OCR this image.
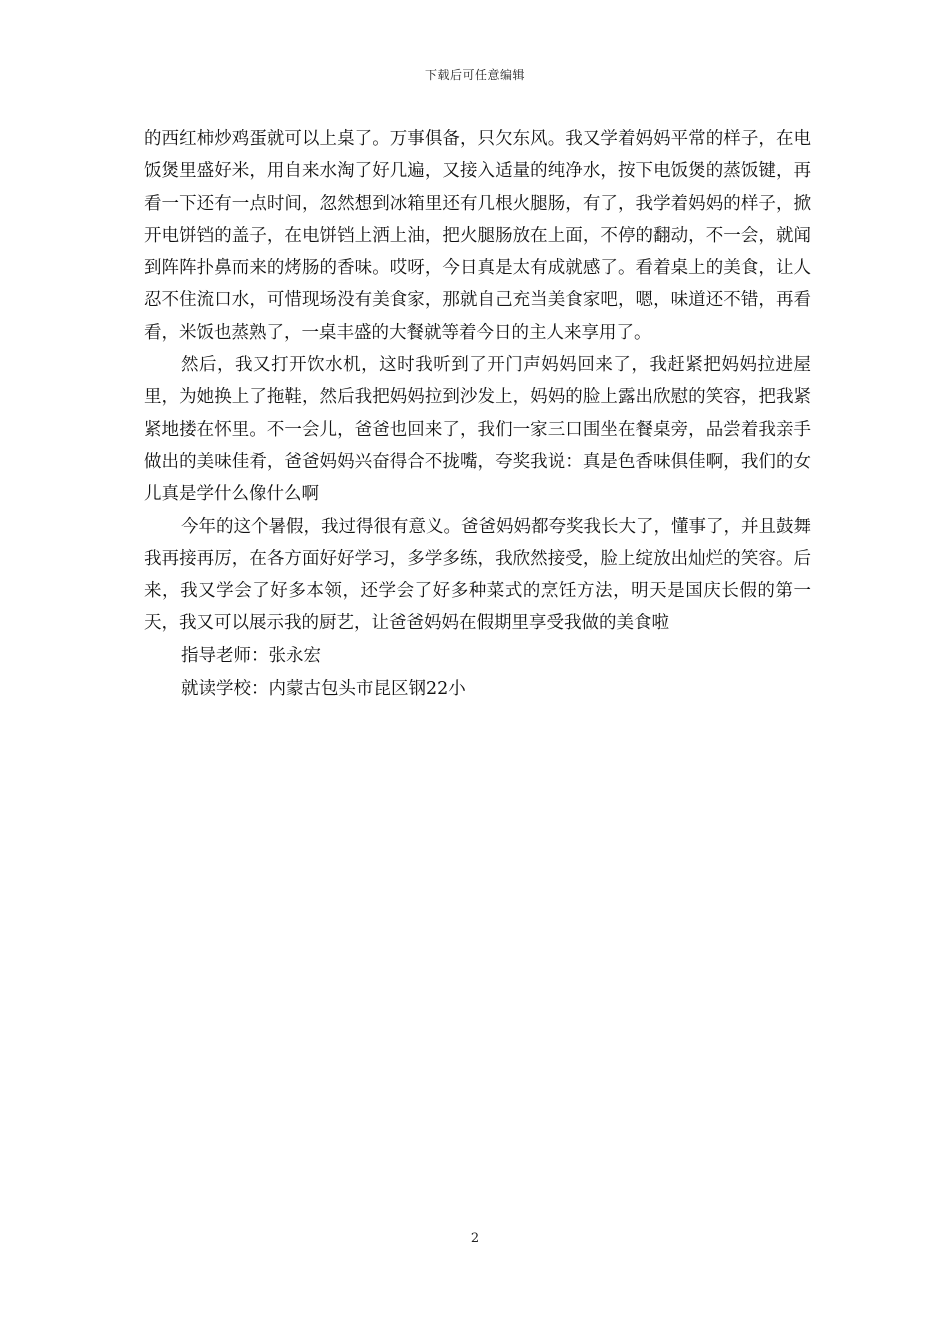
下载后可任意编辑

的西红柿炒鸡蛋就可以上桌了。万事俱备，只欠东风。我又学着妈妈平常的样子，在电饭煲里盛好米，用自来水淘了好几遍，又接入适量的纯净水，按下电饭煲的蒸饭键，再看一下还有一点时间，忽然想到冰箱里还有几根火腿肠，有了，我学着妈妈的样子，掀开电饼铛的盖子，在电饼铛上洒上油，把火腿肠放在上面，不停的翻动，不一会，就闻到阵阵扑鼻而来的烤肠的香味。哎呀，今日真是太有成就感了。看着桌上的美食，让人忍不住流口水，可惜现场没有美食家，那就自己充当美食家吧，嗯，味道还不错，再看看，米饭也蒸熟了，一桌丰盛的大餐就等着今日的主人来享用了。

然后，我又打开饮水机，这时我听到了开门声妈妈回来了，我赶紧把妈妈拉进屋里，为她换上了拖鞋，然后我把妈妈拉到沙发上，妈妈的脸上露出欣慰的笑容，把我紧紧地搂在怀里。不一会儿，爸爸也回来了，我们一家三口围坐在餐桌旁，品尝着我亲手做出的美味佳肴，爸爸妈妈兴奋得合不拢嘴，夸奖我说：真是色香味俱佳啊，我们的女儿真是学什么像什么啊

今年的这个暑假，我过得很有意义。爸爸妈妈都夸奖我长大了，懂事了，并且鼓舞我再接再厉，在各方面好好学习，多学多练，我欣然接受，脸上绽放出灿烂的笑容。后来，我又学会了好多本领，还学会了好多种菜式的烹饪方法，明天是国庆长假的第一天，我又可以展示我的厨艺，让爸爸妈妈在假期里享受我做的美食啦

指导老师：张永宏

就读学校：内蒙古包头市昆区钢22小

2
